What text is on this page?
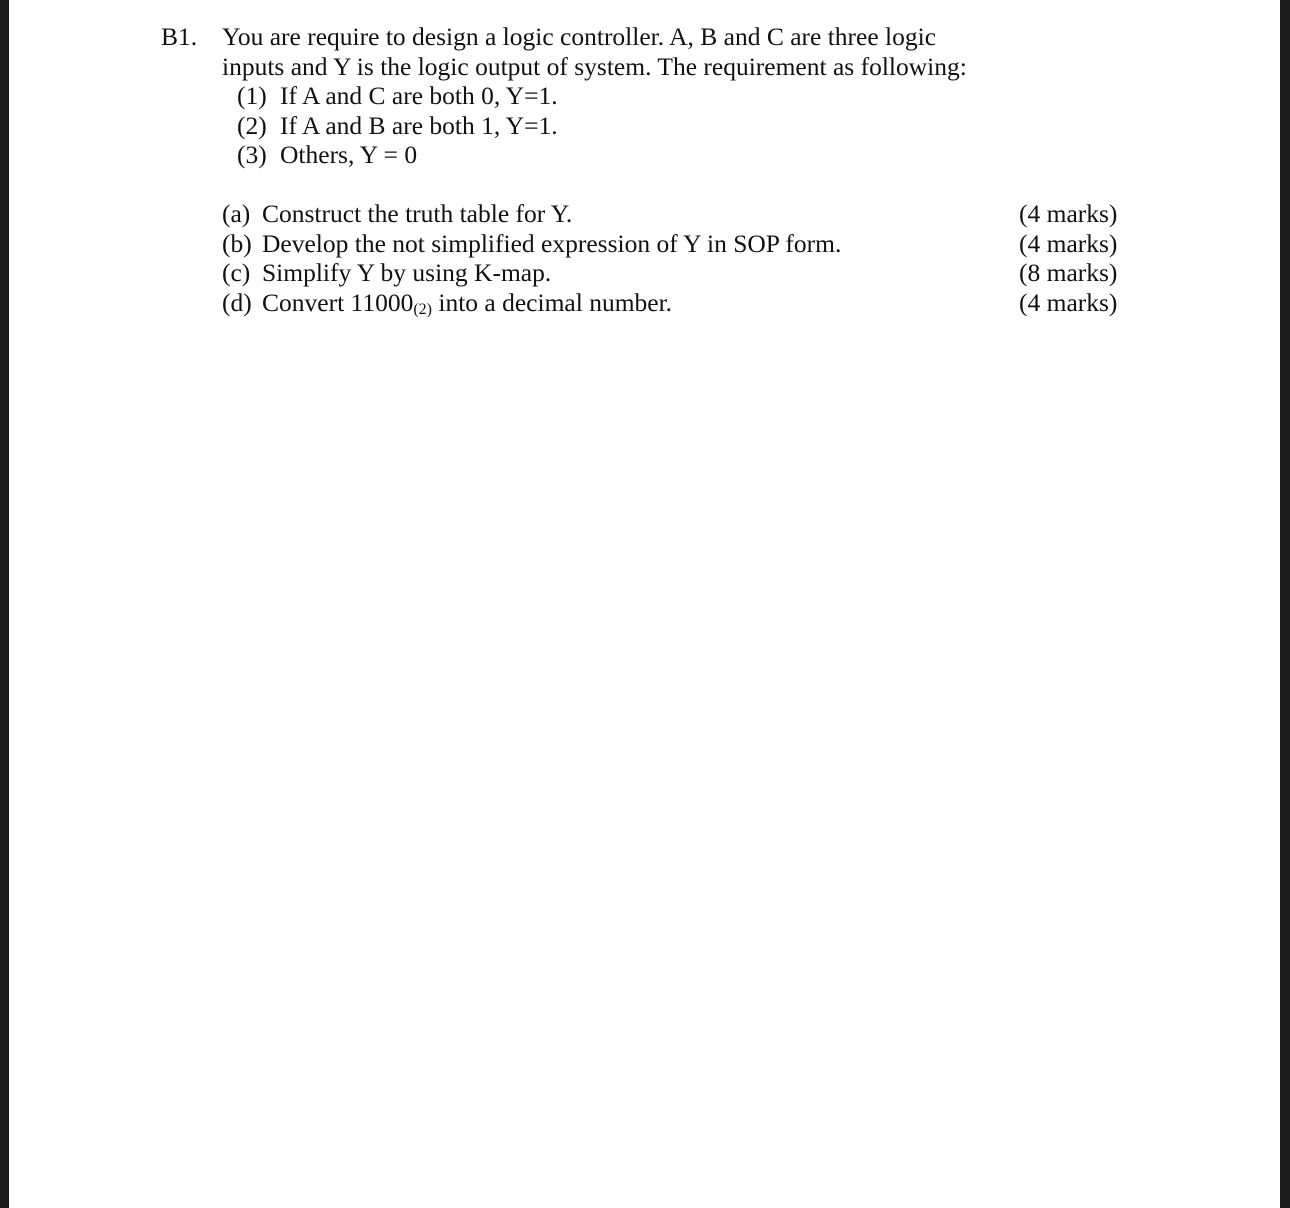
B1. You are require to design a logic controller. A, B and C are three logic
inputs and Y is the logic output of system. The requirement as following:
(1) If A and C are both 0, Y=1.
(2) If A and B are both 1, Y=1.
(3) Others, Y = 0
(a) Construct the truth table for Y.	(4 marks)
(b) Develop the not simplified expression of Y in SOP form.	(4 marks)
(c) Simplify Y by using K-map.	(8 marks)
(d) Convert $11000_{(2)}$ into a decimal number.	(4 marks)
